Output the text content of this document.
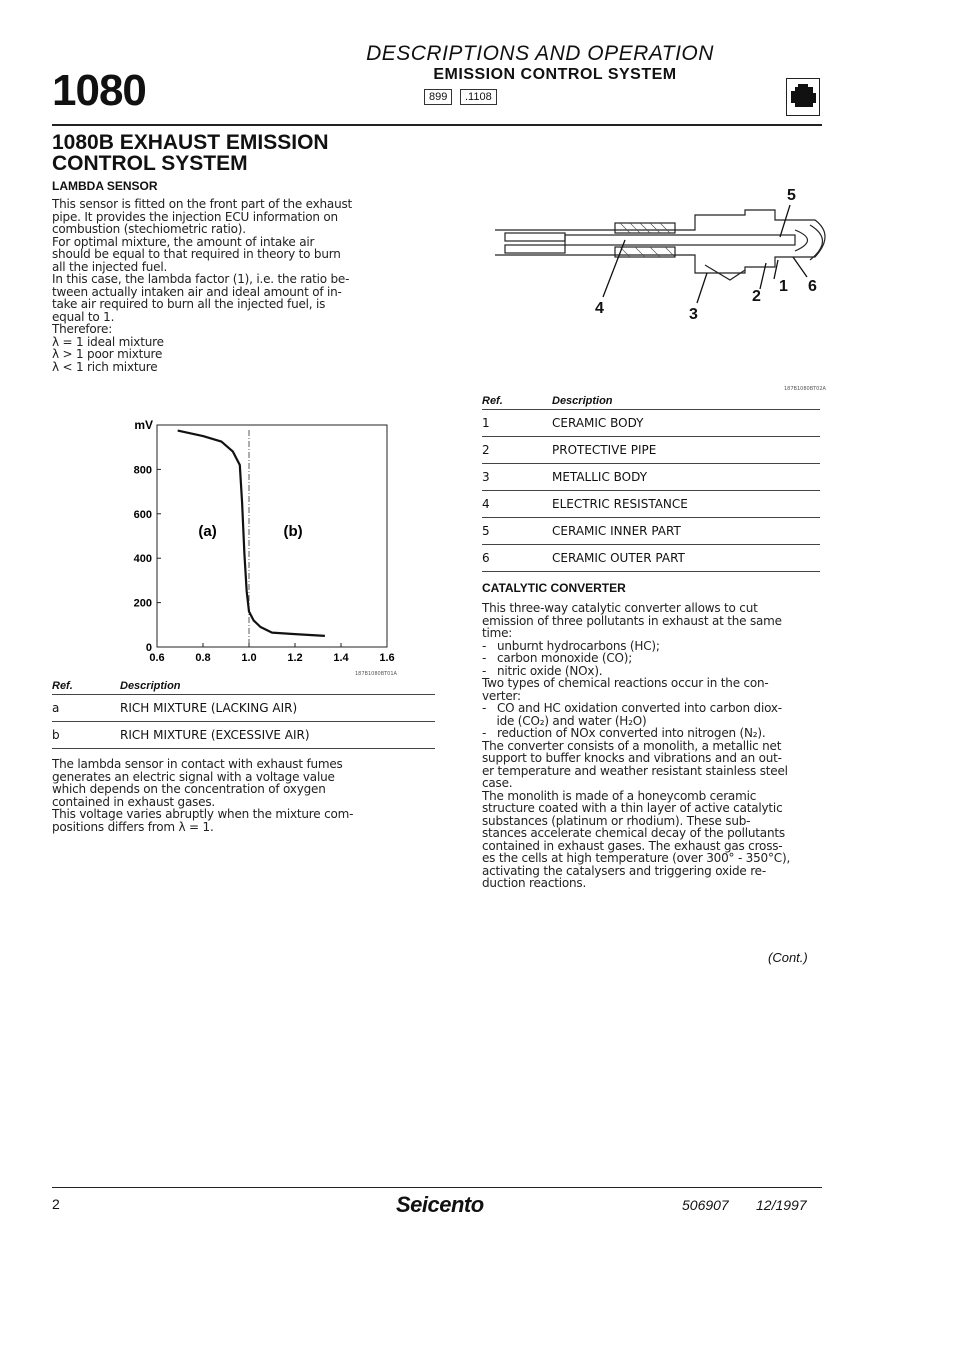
DESCRIPTIONS AND OPERATION
EMISSION CONTROL SYSTEM
1080	899	.1108
1080B EXHAUST EMISSION
CONTROL SYSTEM
LAMBDA SENSOR
This sensor is fitted on the front part of the exhaust
pipe. It provides the injection ECU information on
combustion (stechiometric ratio).
For optimal mixture, the amount of intake air
should be equal to that required in theory to burn
all the injected fuel.
In this case, the lambda factor (1), i.e. the ratio be-
tween actually intaken air and ideal amount of in-
take air required to burn all the injected fuel, is
equal to 1.
Therefore:
λ = 1 ideal mixture
λ > 1 poor mixture
λ < 1 rich mixture
0
200
400
600
800
0.6	0.8	1.0	1.2	1.4	1.6
mV
(a)	(b)
187B1080BT01A
Ref.	Description
a	RICH MIXTURE (LACKING AIR)
b	RICH MIXTURE (EXCESSIVE AIR)
The lambda sensor in contact with exhaust fumes
generates an electric signal with a voltage value
which depends on the concentration of oxygen
contained in exhaust gases.
This voltage varies abruptly when the mixture com-
positions differs from λ = 1.
1
2
3
4
5
6
187B1080BT02A
Ref.	Description
1	CERAMIC BODY
2	PROTECTIVE PIPE
3	METALLIC BODY
4	ELECTRIC RESISTANCE
5	CERAMIC INNER PART
6	CERAMIC OUTER PART
CATALYTIC CONVERTER
This three-way catalytic converter allows to cut
emission of three pollutants in exhaust at the same
time:
-   unburnt hydrocarbons (HC);
-   carbon monoxide (CO);
-   nitric oxide (NOx).
Two types of chemical reactions occur in the con-
verter:
-   CO and HC oxidation converted into carbon diox-
ide (CO₂) and water (H₂O)
-   reduction of NOx converted into nitrogen (N₂).
The converter consists of a monolith, a metallic net
support to buffer knocks and vibrations and an out-
er temperature and weather resistant stainless steel
case.
The monolith is made of a honeycomb ceramic
structure coated with a thin layer of active catalytic
substances (platinum or rhodium). These sub-
stances accelerate chemical decay of the pollutants
contained in exhaust gases. The exhaust gas cross-
es the cells at high temperature (over 300° - 350°C),
activating the catalysers and triggering oxide re-
duction reactions.
(Cont.)
2	Seicento	506907 12/1997
